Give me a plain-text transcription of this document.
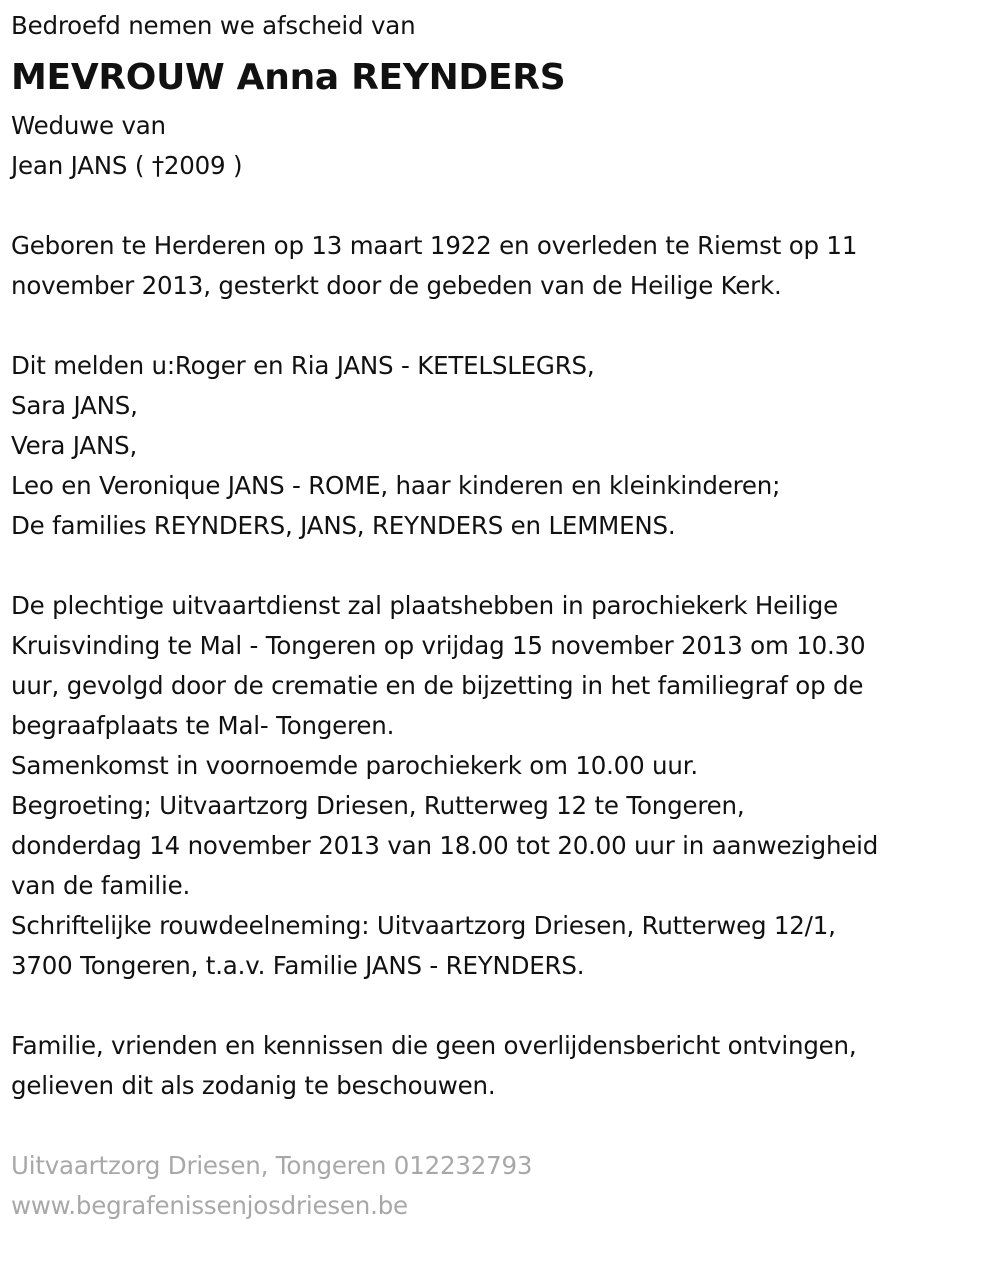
Bedroefd nemen we afscheid van
MEVROUW Anna REYNDERS
Weduwe van
Jean JANS ( †2009 )
Geboren te Herderen op 13 maart 1922 en overleden te Riemst op 11
november 2013, gesterkt door de gebeden van de Heilige Kerk.
Dit melden u:Roger en Ria JANS - KETELSLEGRS,
Sara JANS,
Vera JANS,
Leo en Veronique JANS - ROME, haar kinderen en kleinkinderen;
De families REYNDERS, JANS, REYNDERS en LEMMENS.
De plechtige uitvaartdienst zal plaatshebben in parochiekerk Heilige
Kruisvinding te Mal - Tongeren op vrijdag 15 november 2013 om 10.30
uur, gevolgd door de crematie en de bijzetting in het familiegraf op de
begraafplaats te Mal- Tongeren.
Samenkomst in voornoemde parochiekerk om 10.00 uur.
Begroeting; Uitvaartzorg Driesen, Rutterweg 12 te Tongeren,
donderdag 14 november 2013 van 18.00 tot 20.00 uur in aanwezigheid
van de familie.
Schriftelijke rouwdeelneming: Uitvaartzorg Driesen, Rutterweg 12/1,
3700 Tongeren, t.a.v. Familie JANS - REYNDERS.
Familie, vrienden en kennissen die geen overlijdensbericht ontvingen,
gelieven dit als zodanig te beschouwen.
Uitvaartzorg Driesen, Tongeren 012232793
www.begrafenissenjosdriesen.be
